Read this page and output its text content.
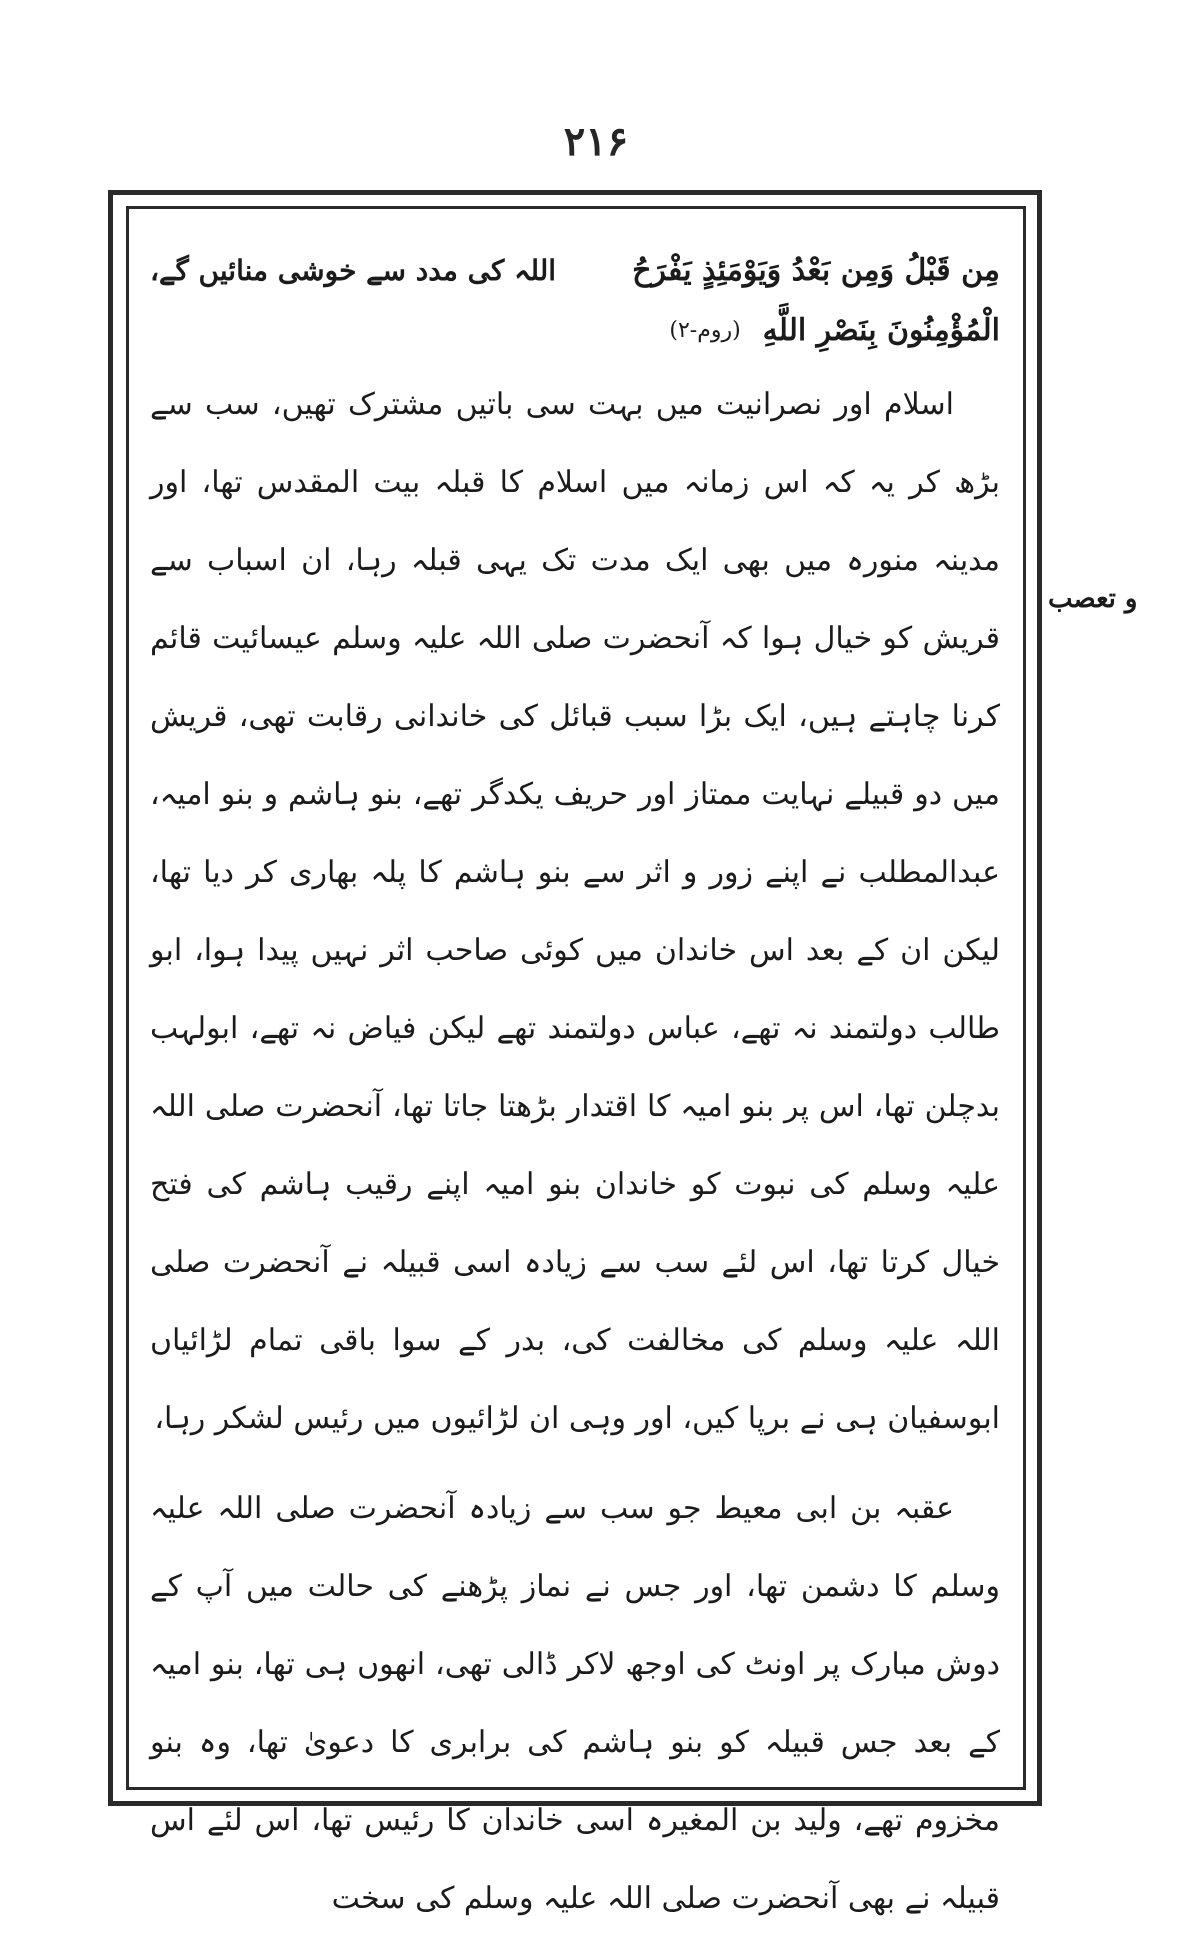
۲۱۶
مِن قَبْلُ وَمِن بَعْدُ وَيَوْمَئِذٍ يَفْرَحُ
اللہ کی مدد سے خوشی منائیں گے،
الْمُؤْمِنُونَ بِنَصْرِ اللَّهِ
(روم-۲)

اسلام اور نصرانیت میں بہت سی باتیں مشترک تھیں، سب سے بڑھ کر یہ کہ اس زمانہ میں اسلام کا قبلہ بیت المقدس تھا، اور مدینہ منورہ میں بھی ایک مدت تک یہی قبلہ رہا، ان اسباب سے قریش کو خیال ہوا کہ آنحضرت صلی اللہ علیہ وسلم عیسائیت قائم کرنا چاہتے ہیں، ایک بڑا سبب قبائل کی خاندانی رقابت تھی، قریش میں دو قبیلے نہایت ممتاز اور حریف یکدگر تھے، بنو ہاشم و بنو امیہ، عبدالمطلب نے اپنے زور و اثر سے بنو ہاشم کا پلہ بھاری کر دیا تھا، لیکن ان کے بعد اس خاندان میں کوئی صاحب اثر نہیں پیدا ہوا، ابو طالب دولتمند نہ تھے، عباس دولتمند تھے لیکن فیاض نہ تھے، ابولہب بدچلن تھا، اس پر بنو امیہ کا اقتدار بڑھتا جاتا تھا، آنحضرت صلی اللہ علیہ وسلم کی نبوت کو خاندان بنو امیہ اپنے رقیب ہاشم کی فتح خیال کرتا تھا، اس لئے سب سے زیادہ اسی قبیلہ نے آنحضرت صلی اللہ علیہ وسلم کی مخالفت کی، بدر کے سوا باقی تمام لڑائیاں ابوسفیان ہی نے برپا کیں، اور وہی ان لڑائیوں میں رئیس لشکر رہا،

عقبہ بن ابی معیط جو سب سے زیادہ آنحضرت صلی اللہ علیہ وسلم کا دشمن تھا، اور جس نے نماز پڑھنے کی حالت میں آپ کے دوش مبارک پر اونٹ کی اوجھ لاکر ڈالی تھی، انھوں ہی تھا، بنو امیہ کے بعد جس قبیلہ کو بنو ہاشم کی برابری کا دعویٰ تھا، وہ بنو مخزوم تھے، ولید بن المغیرہ اسی خاندان کا رئیس تھا، اس لئے اس قبیلہ نے بھی آنحضرت صلی اللہ علیہ وسلم کی سخت

و تعصب
